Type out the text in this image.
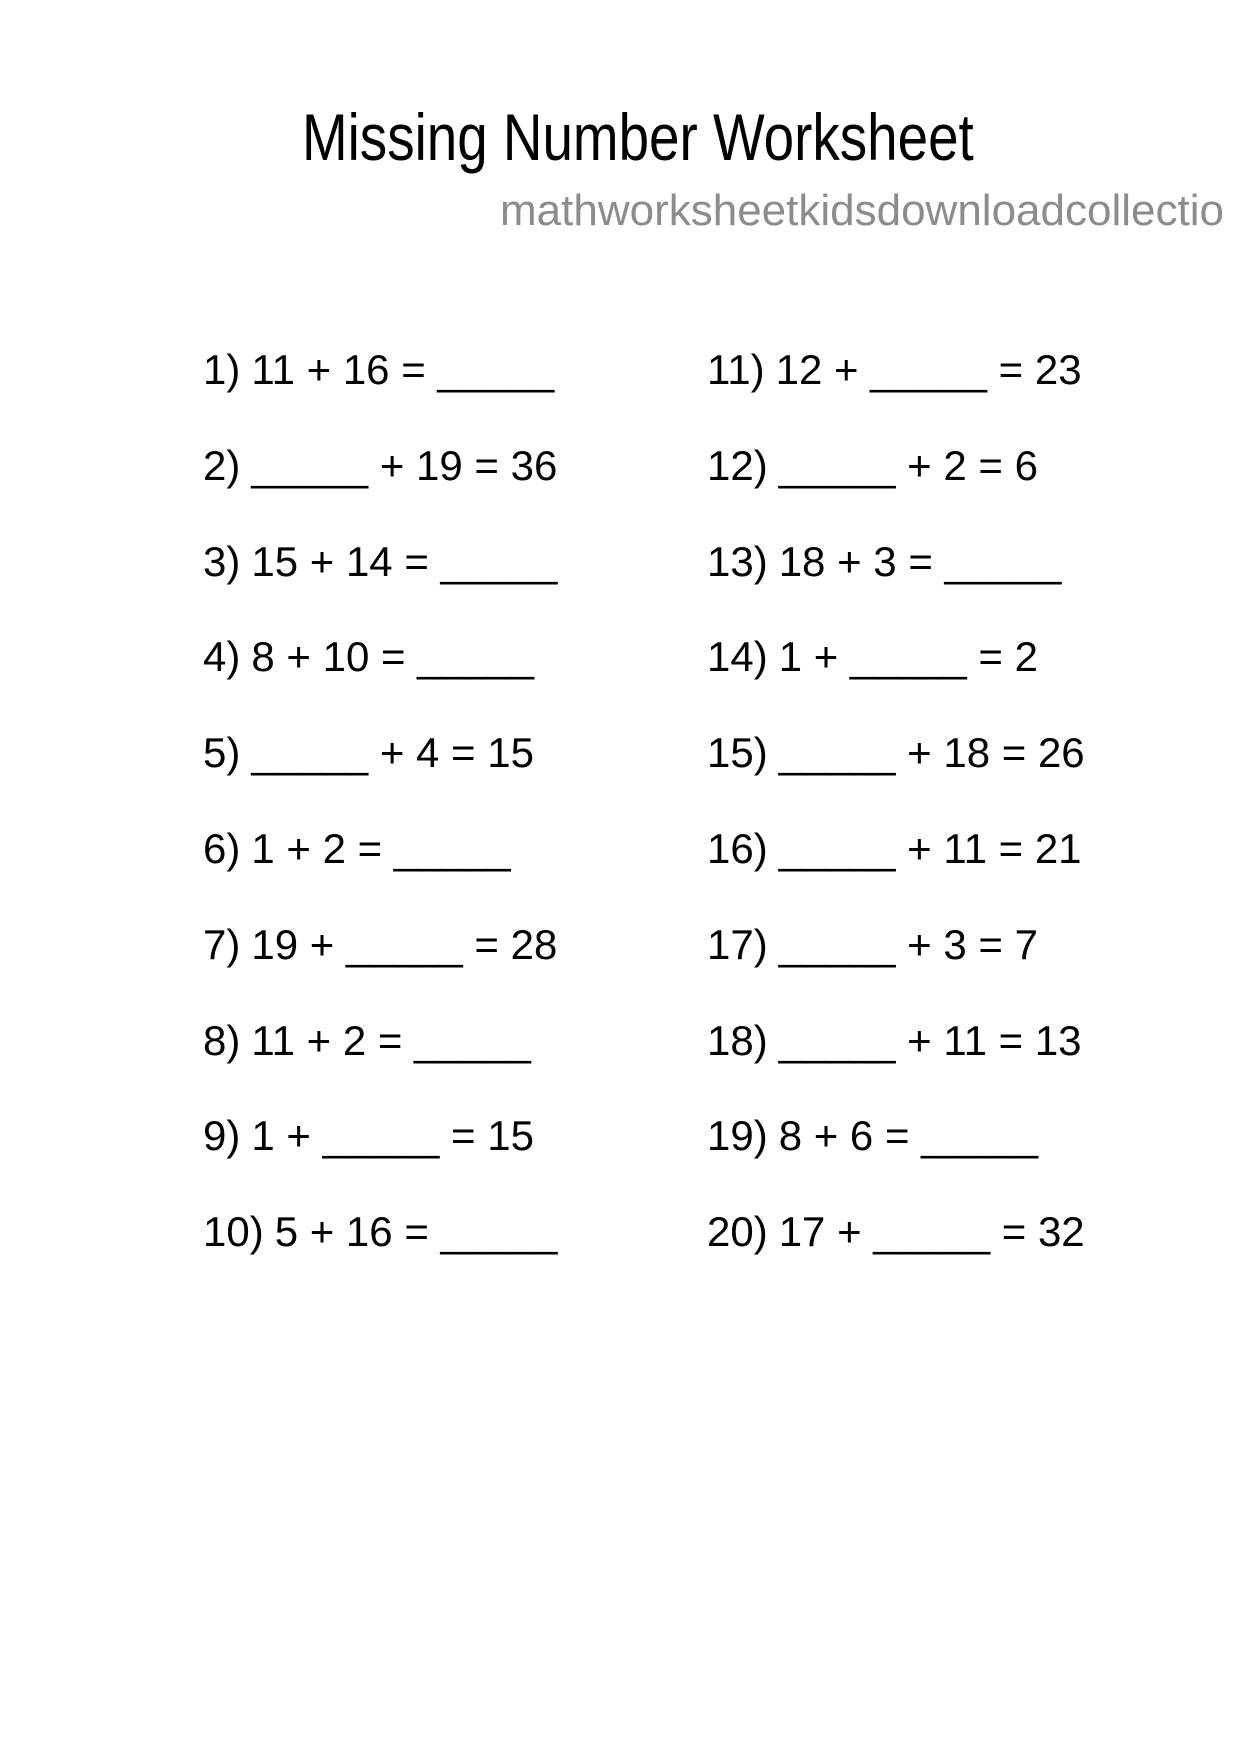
Missing Number Worksheet
mathworksheetkidsdownloadcollectio
1) 11 + 16 = _____
2) _____ + 19 = 36
3) 15 + 14 = _____
4) 8 + 10 = _____
5) _____ + 4 = 15
6) 1 + 2 = _____
7) 19 + _____ = 28
8) 11 + 2 = _____
9) 1 + _____ = 15
10) 5 + 16 = _____
11) 12 + _____ = 23
12) _____ + 2 = 6
13) 18 + 3 = _____
14) 1 + _____ = 2
15) _____ + 18 = 26
16) _____ + 11 = 21
17) _____ + 3 = 7
18) _____ + 11 = 13
19) 8 + 6 = _____
20) 17 + _____ = 32
